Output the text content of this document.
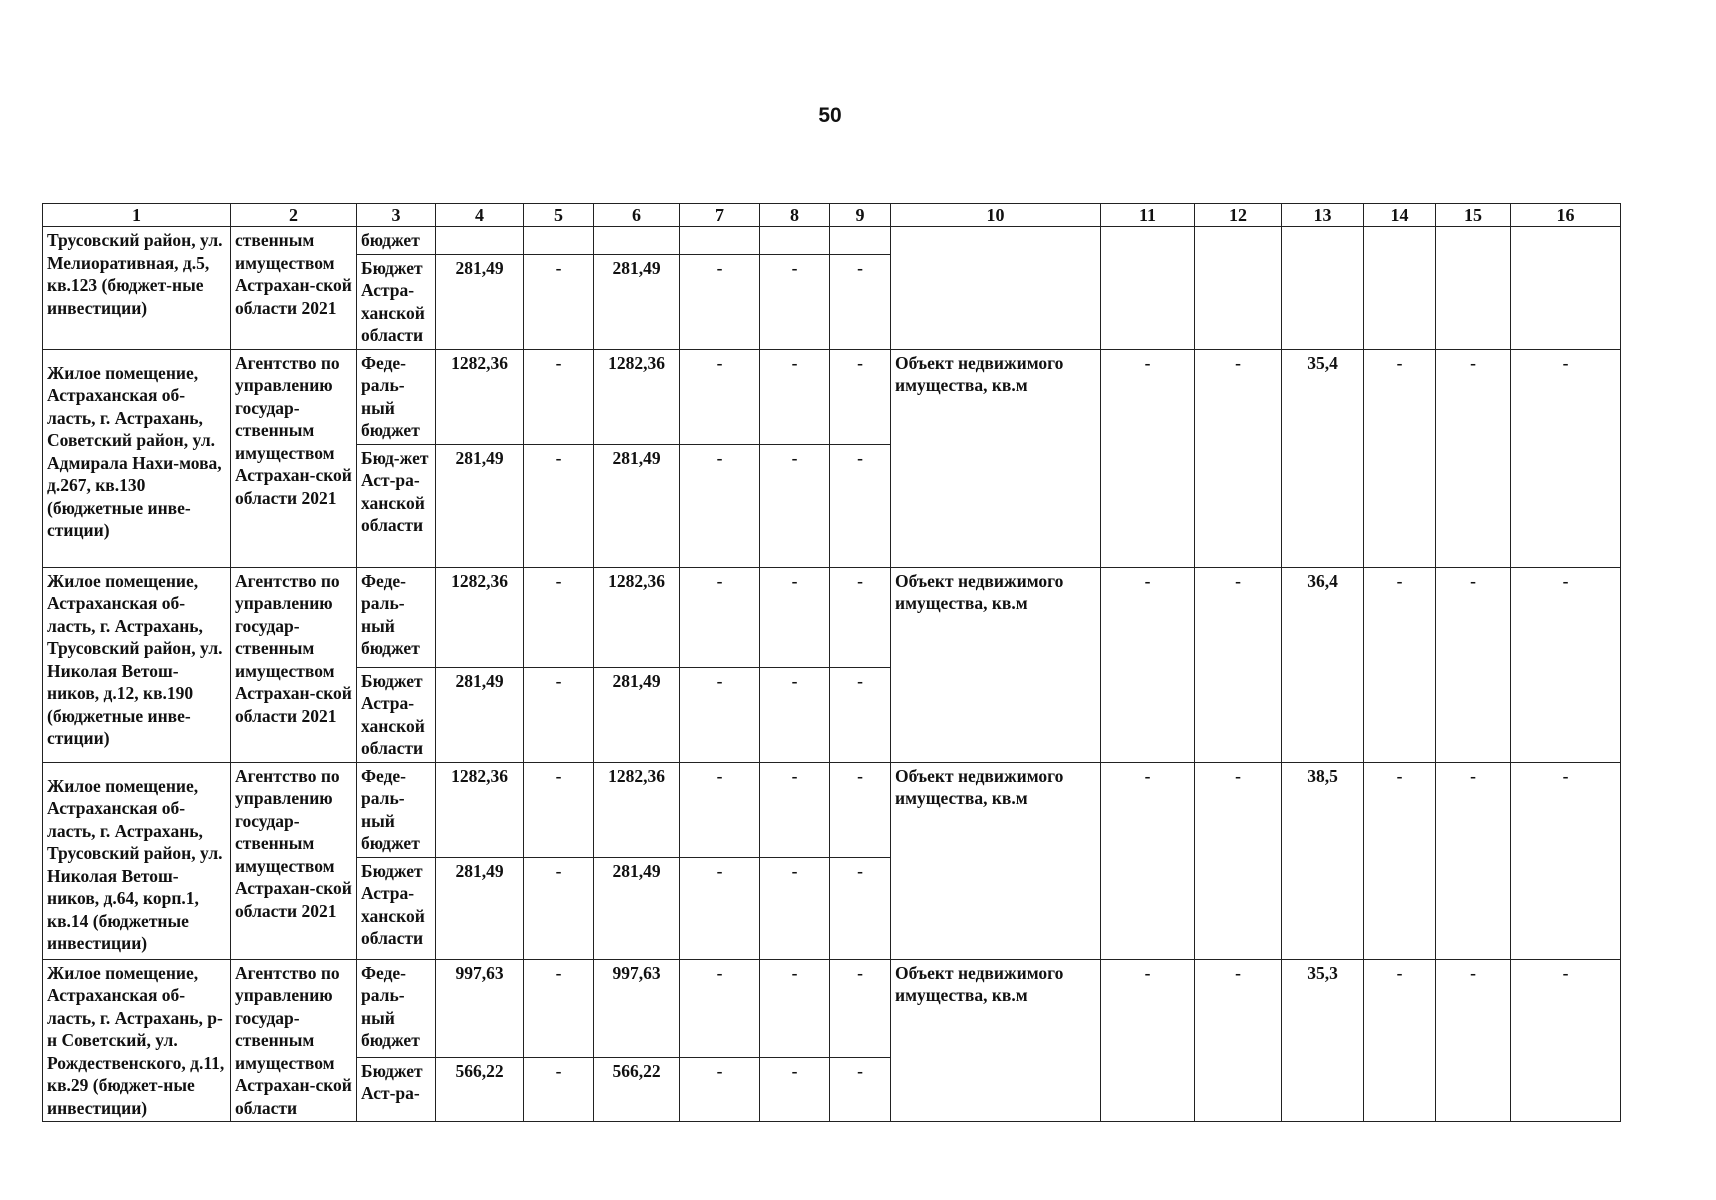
50
1	2	3	4	5	6	7	8	9	10	11	12	13	14	15	16
Трусовский район, ул. Мелиоративная, д.5, кв.123 (бюджет-ные инвестиции)	ственным имуществом Астрахан-ской области 2021	бюджет													
		Бюджет Астра-ханской области	281,49	-	281,49	-	-	-							
Жилое помещение, Астраханская об-ласть, г. Астрахань, Советский район, ул. Адмирала Нахи-мова, д.267, кв.130 (бюджетные инве-стиции)	Агентство по управлению государ-ственным имуществом Астрахан-ской области 2021	Феде-раль-ный бюджет	1282,36	-	1282,36	-	-	-	Объект недвижимого имущества, кв.м	-	-	35,4	-	-	-
		Бюд-жет Аст-ра-ханской области	281,49	-	281,49	-	-	-							
Жилое помещение, Астраханская об-ласть, г. Астрахань, Трусовский район, ул. Николая Ветош-ников, д.12, кв.190 (бюджетные инве-стиции)	Агентство по управлению государ-ственным имуществом Астрахан-ской области 2021	Феде-раль-ный бюджет	1282,36	-	1282,36	-	-	-	Объект недвижимого имущества, кв.м	-	-	36,4	-	-	-
		Бюджет Астра-ханской области	281,49	-	281,49	-	-	-							
Жилое помещение, Астраханская об-ласть, г. Астрахань, Трусовский район, ул. Николая Ветош-ников, д.64, корп.1, кв.14 (бюджетные инвестиции)	Агентство по управлению государ-ственным имуществом Астрахан-ской области 2021	Феде-раль-ный бюджет	1282,36	-	1282,36	-	-	-	Объект недвижимого имущества, кв.м	-	-	38,5	-	-	-
		Бюджет Астра-ханской области	281,49	-	281,49	-	-	-							
Жилое помещение, Астраханская об-ласть, г. Астрахань, р-н Советский, ул. Рождественского, д.11, кв.29 (бюджет-ные инвестиции)	Агентство по управлению государ-ственным имуществом Астрахан-ской области	Феде-раль-ный бюджет	997,63	-	997,63	-	-	-	Объект недвижимого имущества, кв.м	-	-	35,3	-	-	-
		Бюджет Аст-ра-	566,22	-	566,22	-	-	-							
